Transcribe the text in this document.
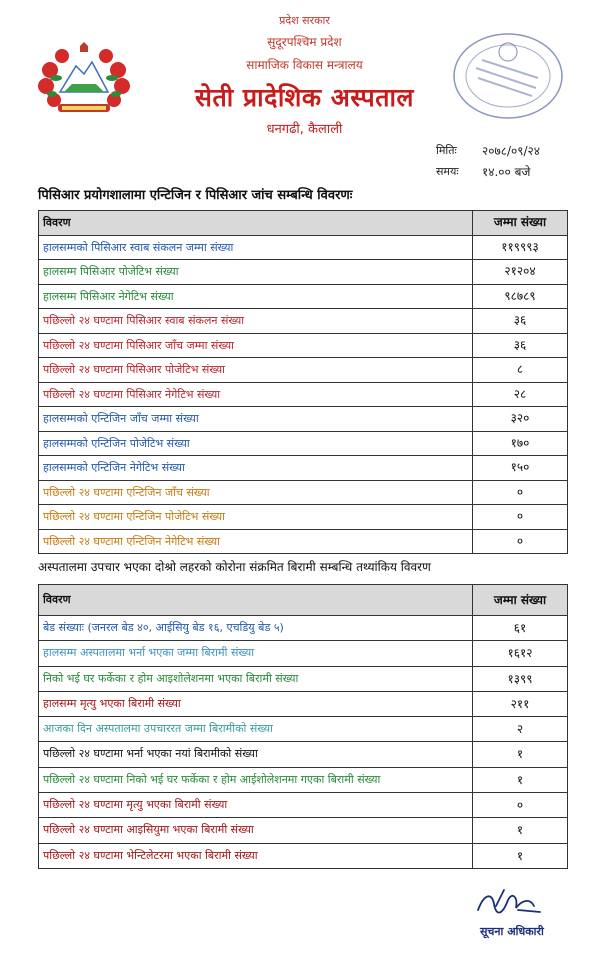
प्रदेश सरकार
सुदूरपश्चिम प्रदेश
सामाजिक विकास मन्त्रालय
सेती प्रादेशिक अस्पताल
धनगढी, कैलाली
मितिः २०७८/०९/२४
समयः १४.०० बजे
पिसिआर प्रयोगशालामा एन्टिजिन र पिसिआर जांच सम्बन्धि विवरणः
विवरण	जम्मा संख्या
हालसम्मको पिसिआर स्वाब संकलन जम्मा संख्या	११९९९३
हालसम्म पिसिआर पोजेटिभ संख्या	२१२०४
हालसम्म पिसिआर नेगेटिभ संख्या	९८७८९
पछिल्लो २४ घण्टामा पिसिआर स्वाब संकलन संख्या	३६
पछिल्लो २४ घण्टामा पिसिआर जाँच जम्मा संख्या	३६
पछिल्लो २४ घण्टामा पिसिआर पोजेटिभ संख्या	८
पछिल्लो २४ घण्टामा पिसिआर नेगेटिभ संख्या	२८
हालसम्मको एन्टिजिन जाँच जम्मा संख्या	३२०
हालसम्मको एन्टिजिन पोजेटिभ संख्या	१७०
हालसम्मको एन्टिजिन नेगेटिभ संख्या	१५०
पछिल्लो २४ घण्टामा एन्टिजिन जाँच संख्या	०
पछिल्लो २४ घण्टामा एन्टिजिन पोजेटिभ संख्या	०
पछिल्लो २४ घण्टामा एन्टिजिन नेगेटिभ संख्या	०
अस्पतालमा उपचार भएका दोश्रो लहरको कोरोना संक्रमित बिरामी सम्बन्धि तथ्यांकिय विवरण
विवरण	जम्मा संख्या
बेड संख्याः (जनरल बेड ४०, आईसियु बेड १६, एचडियु बेड ५)	६१
हालसम्म अस्पतालमा भर्ना भएका जम्मा बिरामी संख्या	१६१२
निको भई घर फर्केका र होम आइशोलेशनमा भएका बिरामी संख्या	१३९९
हालसम्म मृत्यु भएका बिरामी संख्या	२११
आजका दिन अस्पतालमा उपचाररत जम्मा बिरामीको संख्या	२
पछिल्लो २४ घण्टामा भर्ना भएका नयां बिरामीको संख्या	१
पछिल्लो २४ घण्टामा निको भई घर फर्केका र होम आईशोलेशनमा गएका बिरामी संख्या	१
पछिल्लो २४ घण्टामा मृत्यु भएका बिरामी संख्या	०
पछिल्लो २४ घण्टामा आइसियुमा भएका बिरामी संख्या	१
पछिल्लो २४ घण्टामा भेन्टिलेटरमा भएका बिरामी संख्या	१
सूचना अधिकारी
